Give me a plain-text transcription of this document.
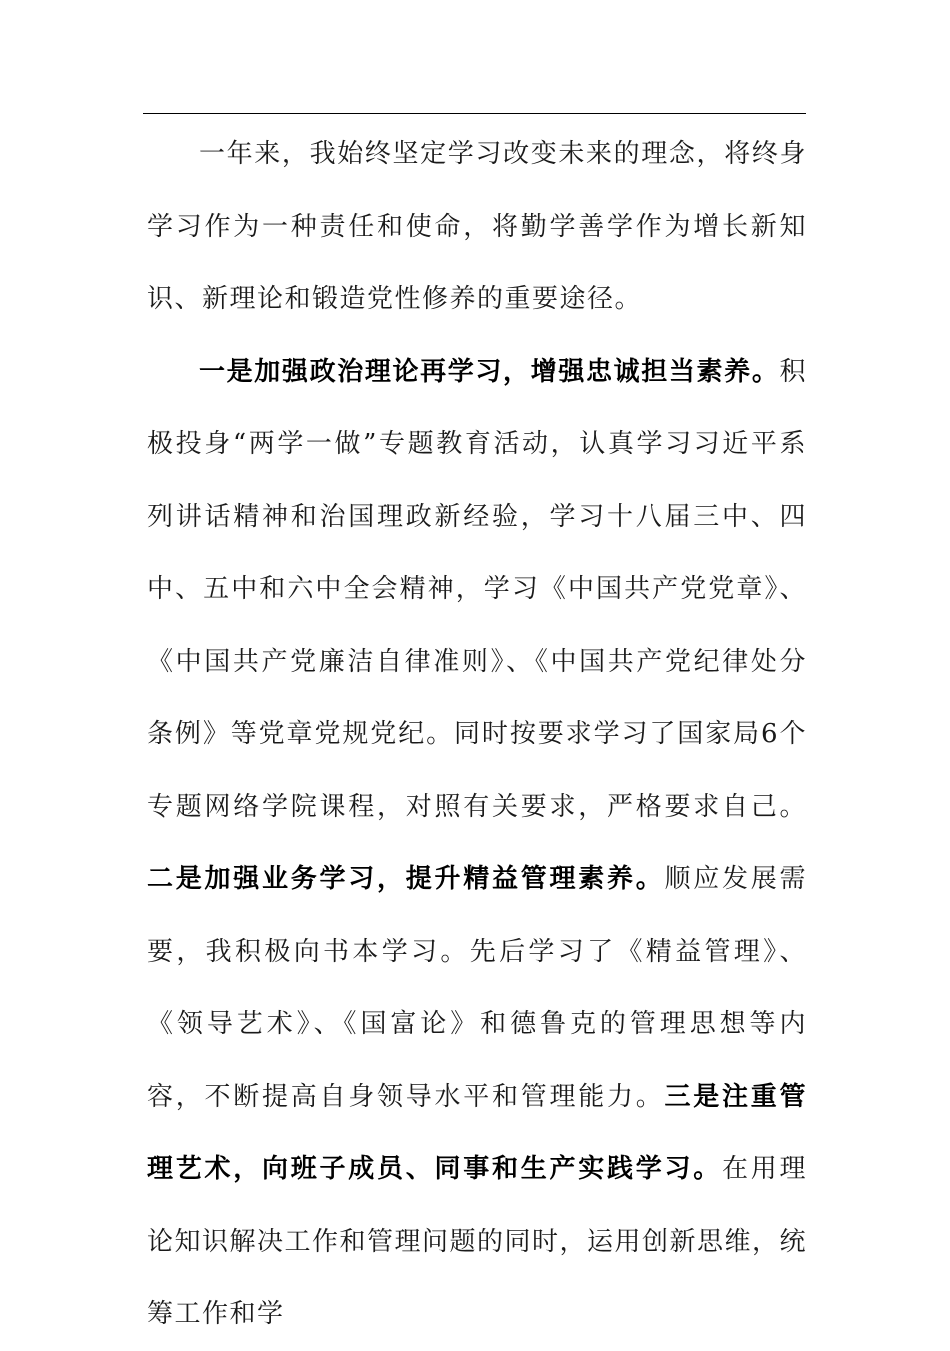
一年来，我始终坚定学习改变未来的理念，将终身学习作为一种责任和使命，将勤学善学作为增长新知识、新理论和锻造党性修养的重要途径。

一是加强政治理论再学习，增强忠诚担当素养。积极投身“两学一做”专题教育活动，认真学习习近平系列讲话精神和治国理政新经验，学习十八届三中、四中、五中和六中全会精神，学习《中国共产党党章》、《中国共产党廉洁自律准则》、《中国共产党纪律处分条例》等党章党规党纪。同时按要求学习了国家局6个专题网络学院课程，对照有关要求，严格要求自己。二是加强业务学习，提升精益管理素养。顺应发展需要，我积极向书本学习。先后学习了《精益管理》、《领导艺术》、《国富论》和德鲁克的管理思想等内容，不断提高自身领导水平和管理能力。三是注重管理艺术，向班子成员、同事和生产实践学习。在用理论知识解决工作和管理问题的同时，运用创新思维，统筹工作和学
